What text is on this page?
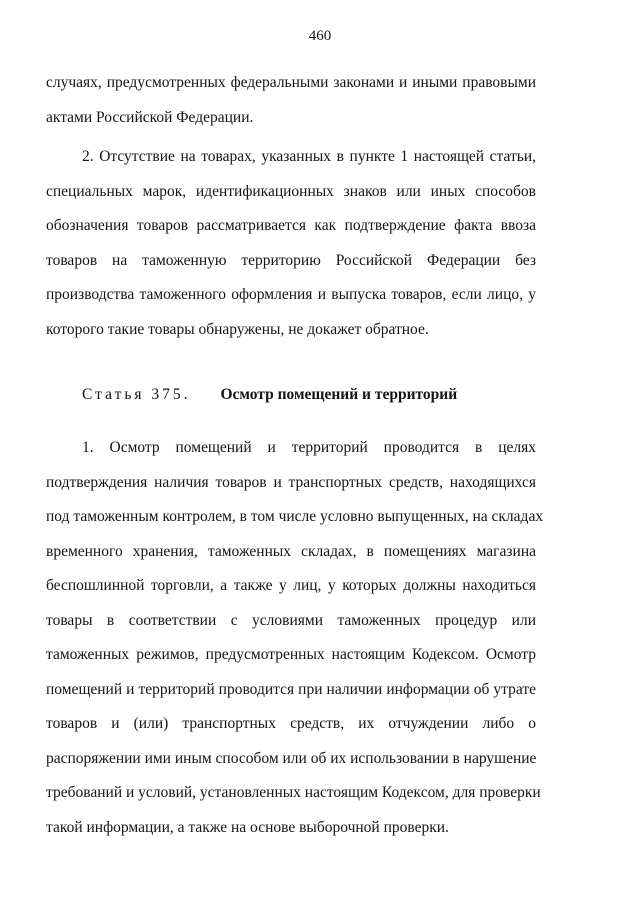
460
случаях, предусмотренных федеральными законами и иными правовыми
актами Российской Федерации.
2. Отсутствие на товарах, указанных в пункте 1 настоящей статьи,
специальных марок, идентификационных знаков или иных способов
обозначения товаров рассматривается как подтверждение факта ввоза
товаров на таможенную территорию Российской Федерации без
производства таможенного оформления и выпуска товаров, если лицо, у
которого такие товары обнаружены, не докажет обратное.
Статья 375. Осмотр помещений и территорий
1. Осмотр помещений и территорий проводится в целях
подтверждения наличия товаров и транспортных средств, находящихся
под таможенным контролем, в том числе условно выпущенных, на складах
временного хранения, таможенных складах, в помещениях магазина
беспошлинной торговли, а также у лиц, у которых должны находиться
товары в соответствии с условиями таможенных процедур или
таможенных режимов, предусмотренных настоящим Кодексом. Осмотр
помещений и территорий проводится при наличии информации об утрате
товаров и (или) транспортных средств, их отчуждении либо о
распоряжении ими иным способом или об их использовании в нарушение
требований и условий, установленных настоящим Кодексом, для проверки
такой информации, а также на основе выборочной проверки.
